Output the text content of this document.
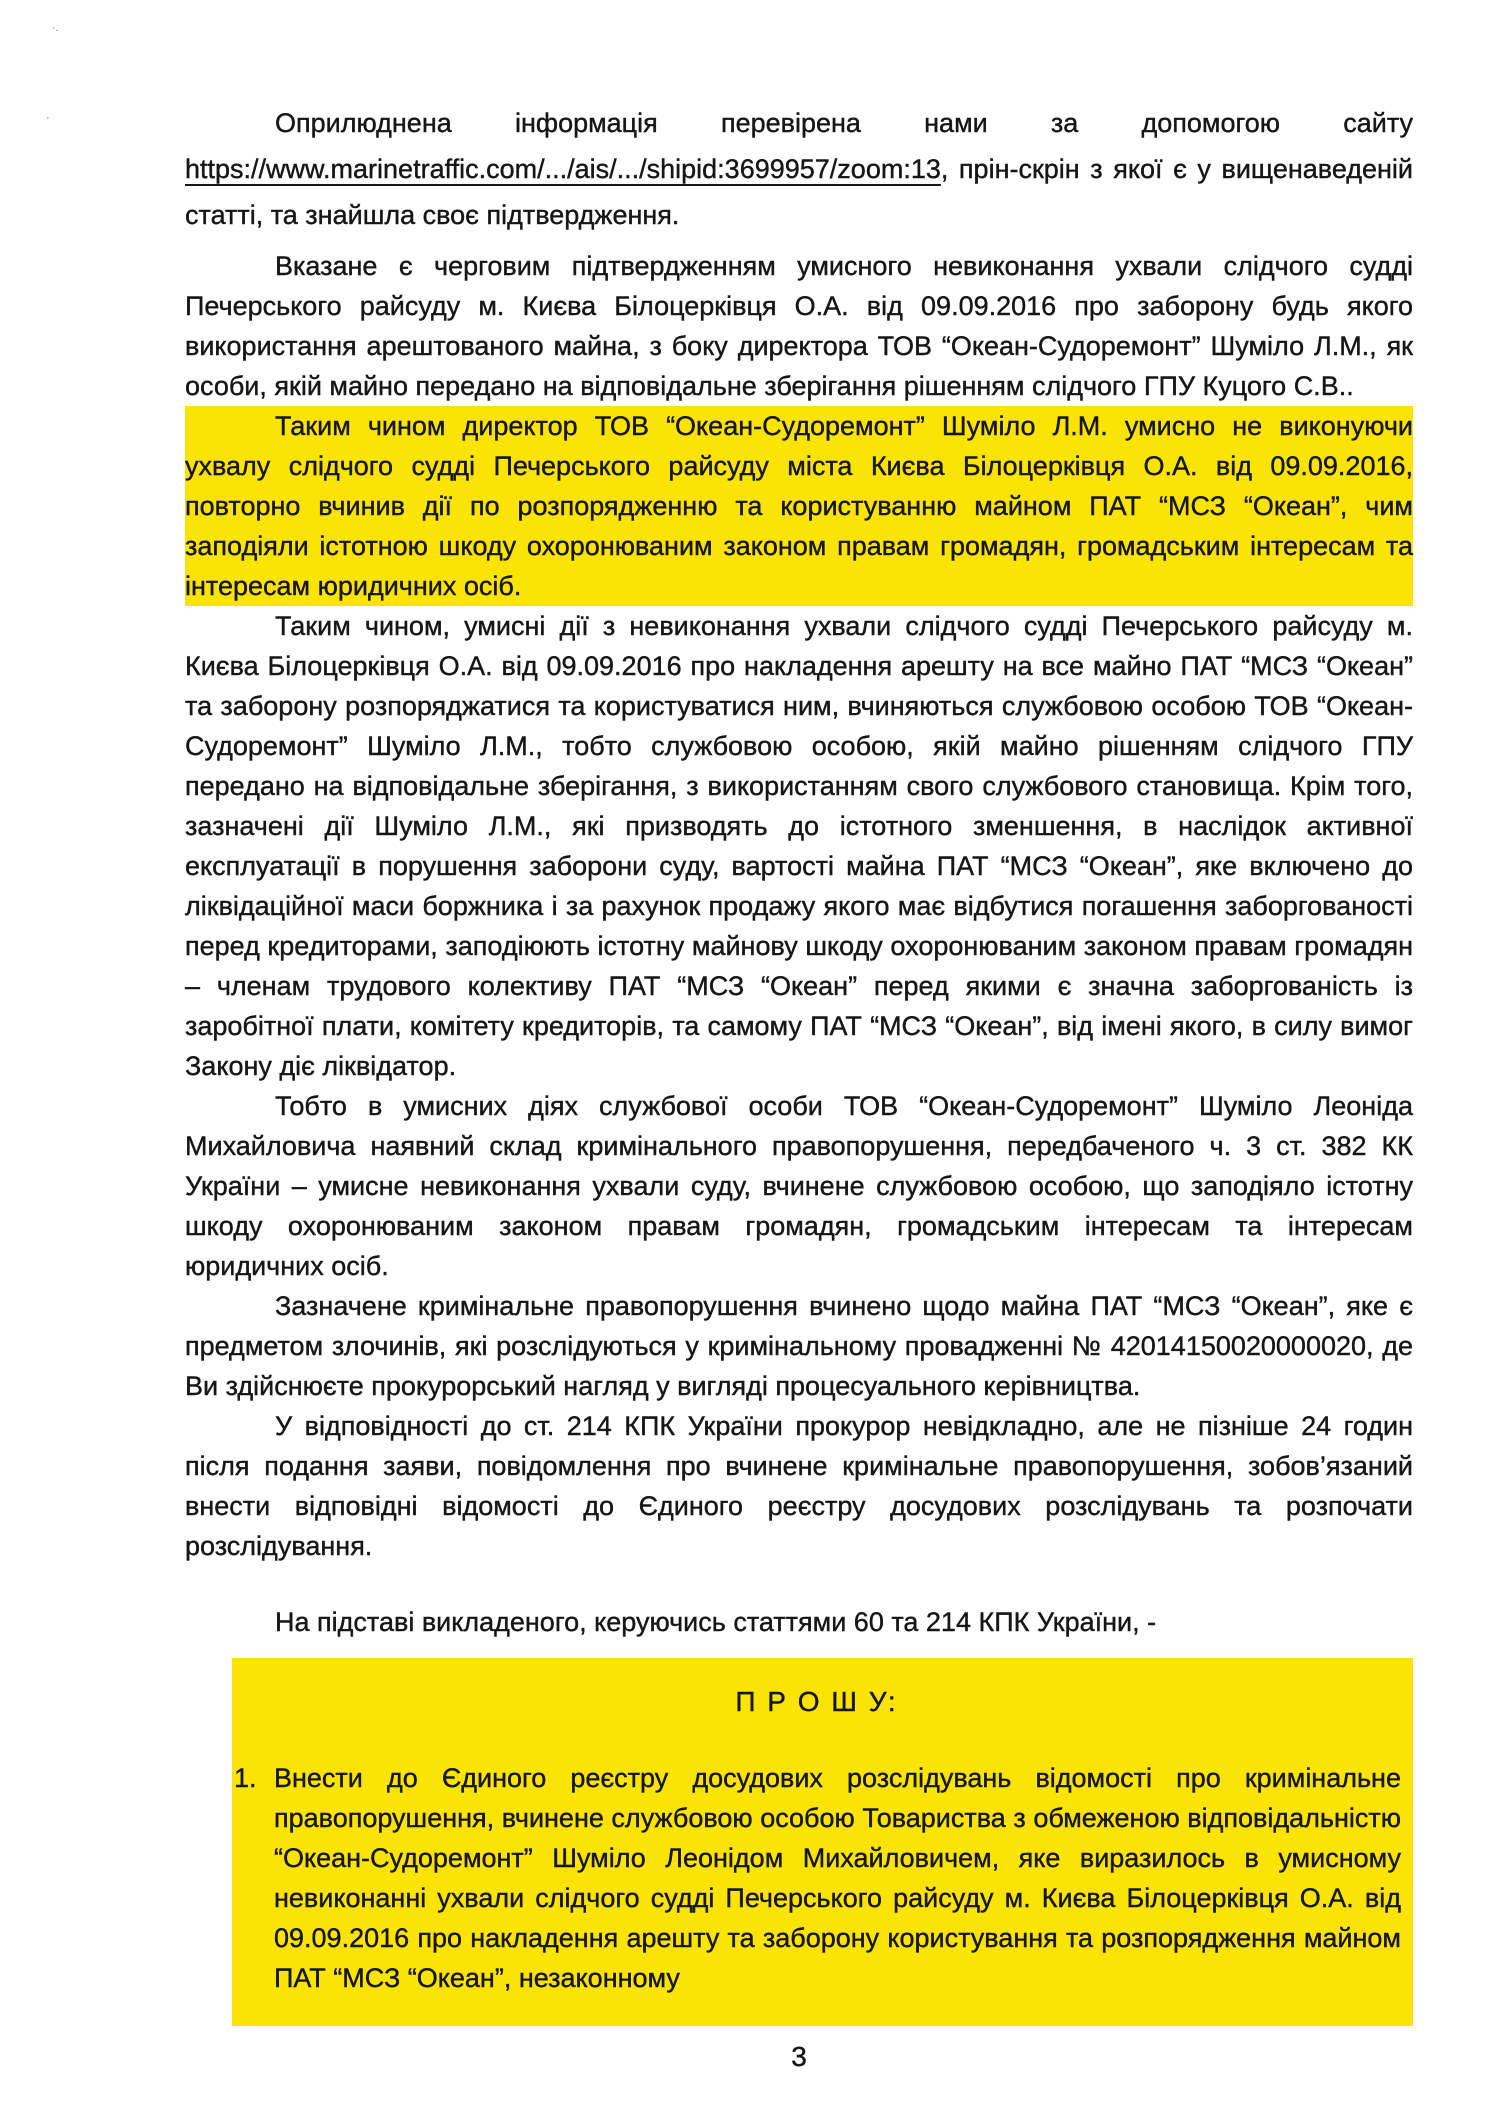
·.
·	Оприлюднена інформація перевірена нами за допомогою сайту https://www.marinetraffic.com/.../ais/.../shipid:3699957/zoom:13, прін-скрін з якої є у вищенаведеній статті, та знайшла своє підтвердження.

Вказане є черговим підтвердженням умисного невиконання ухвали слідчого судді Печерського райсуду м. Києва Білоцерківця О.А. від 09.09.2016 про заборону будь якого використання арештованого майна, з боку директора ТОВ “Океан-Судоремонт” Шуміло Л.М., як особи, якій майно передано на відповідальне зберігання рішенням слідчого ГПУ Куцого С.В..

Таким чином директор ТОВ “Океан-Судоремонт” Шуміло Л.М. умисно не виконуючи ухвалу слідчого судді Печерського райсуду міста Києва Білоцерківця О.А. від 09.09.2016, повторно вчинив дії по розпорядженню та користуванню майном ПАТ “МСЗ “Океан”, чим заподіяли істотною шкоду охоронюваним законом правам громадян, громадським інтересам та інтересам юридичних осіб.

Таким чином, умисні дії з невиконання ухвали слідчого судді Печерського райсуду м. Києва Білоцерківця О.А. від 09.09.2016 про накладення арешту на все майно ПАТ “МСЗ “Океан” та заборону розпоряджатися та користуватися ним, вчиняються службовою особою ТОВ “Океан-Судоремонт” Шуміло Л.М., тобто службовою особою, якій майно рішенням слідчого ГПУ передано на відповідальне зберігання, з використанням свого службового становища. Крім того, зазначені дії Шуміло Л.М., які призводять до істотного зменшення, в наслідок активної експлуатації в порушення заборони суду, вартості майна ПАТ “МСЗ “Океан”, яке включено до ліквідаційної маси боржника і за рахунок продажу якого має відбутися погашення заборгованості перед кредиторами, заподіюють істотну майнову шкоду охоронюваним законом правам громадян – членам трудового колективу ПАТ “МСЗ “Океан” перед якими є значна заборгованість із заробітної плати, комітету кредиторів, та самому ПАТ “МСЗ “Океан”, від імені якого, в силу вимог Закону діє ліквідатор.

Тобто в умисних діях службової особи ТОВ “Океан-Судоремонт” Шуміло Леоніда Михайловича наявний склад кримінального правопорушення, передбаченого ч. 3 ст. 382 КК України – умисне невиконання ухвали суду, вчинене службовою особою, що заподіяло істотну шкоду охоронюваним законом правам громадян, громадським інтересам та інтересам юридичних осіб.

Зазначене кримінальне правопорушення вчинено щодо майна ПАТ “МСЗ “Океан”, яке є предметом злочинів, які розслідуються у кримінальному провадженні № 42014150020000020, де Ви здійснюєте прокурорський нагляд у вигляді процесуального керівництва.

У відповідності до ст. 214 КПК України прокурор невідкладно, але не пізніше 24 годин після подання заяви, повідомлення про вчинене кримінальне правопорушення, зобов’язаний внести відповідні відомості до Єдиного реєстру досудових розслідувань та розпочати розслідування.

На підставі викладеного, керуючись статтями 60 та 214 КПК України, -

П Р О Ш У:

1. Внести до Єдиного реєстру досудових розслідувань відомості про кримінальне правопорушення, вчинене службовою особою Товариства з обмеженою відповідальністю “Океан-Судоремонт” Шуміло Леонідом Михайловичем, яке виразилось в умисному невиконанні ухвали слідчого судді Печерського райсуду м. Києва Білоцерківця О.А. від 09.09.2016 про накладення арешту та заборону користування та розпорядження майном ПАТ “МСЗ “Океан”, незаконному

3
